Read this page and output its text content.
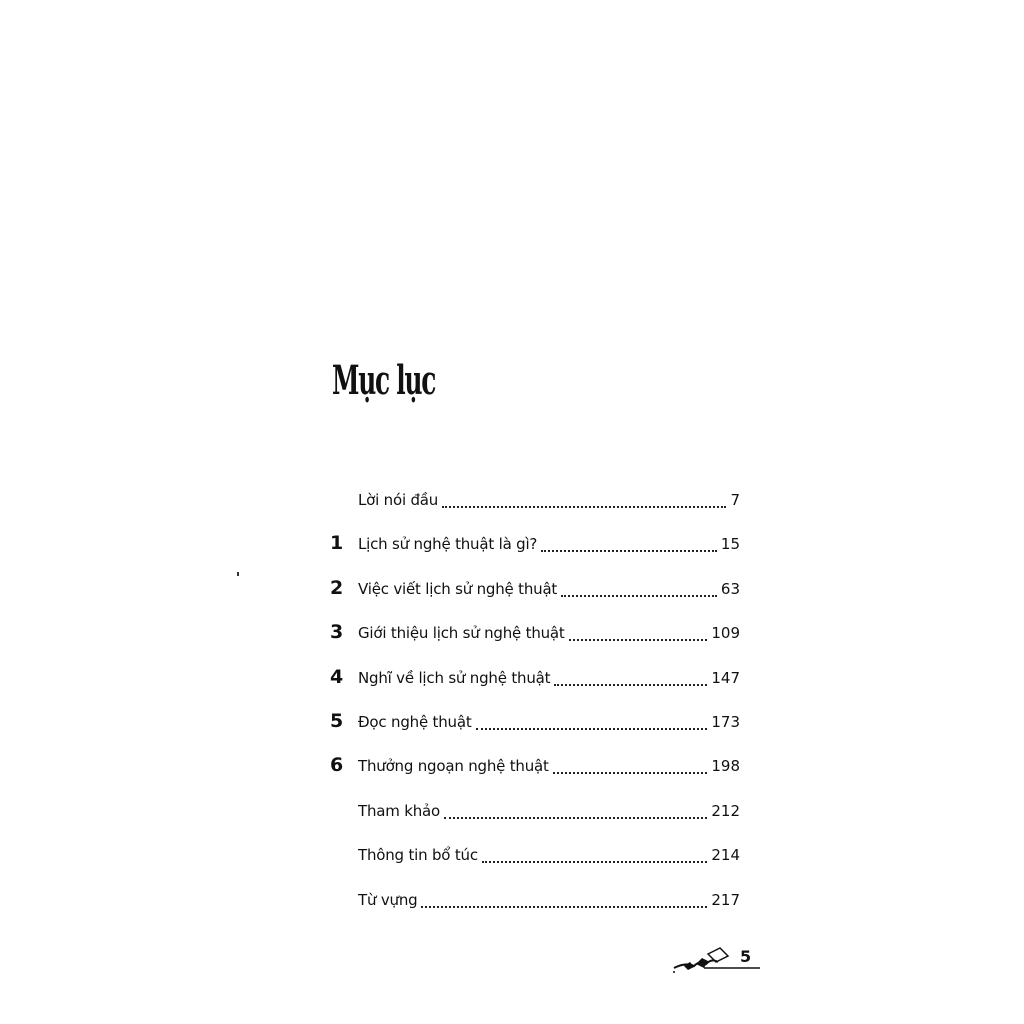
Mục lục
Lời nói đầu	7
1 Lịch sử nghệ thuật là gì?	15
2 Việc viết lịch sử nghệ thuật	63
3 Giới thiệu lịch sử nghệ thuật	109
4 Nghĩ về lịch sử nghệ thuật	147
5 Đọc nghệ thuật	173
6 Thưởng ngoạn nghệ thuật	198
Tham khảo	212
Thông tin bổ túc	214
Từ vựng	217
5
